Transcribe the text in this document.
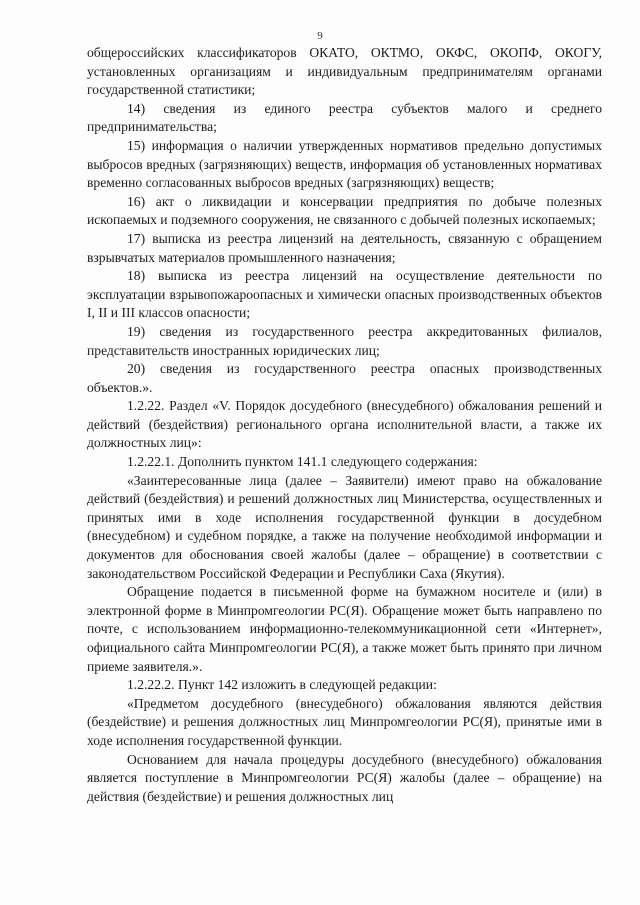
9

общероссийских классификаторов ОКАТО, ОКТМО, ОКФС, ОКОПФ, ОКОГУ, установленных организациям и индивидуальным предпринимателям органами государственной статистики;

14) сведения из единого реестра субъектов малого и среднего предпринимательства;

15) информация о наличии утвержденных нормативов предельно допустимых выбросов вредных (загрязняющих) веществ, информация об установленных нормативах временно согласованных выбросов вредных (загрязняющих) веществ;

16) акт о ликвидации и консервации предприятия по добыче полезных ископаемых и подземного сооружения, не связанного с добычей полезных ископаемых;

17) выписка из реестра лицензий на деятельность, связанную с обращением взрывчатых материалов промышленного назначения;

18) выписка из реестра лицензий на осуществление деятельности по эксплуатации взрывопожароопасных и химически опасных производственных объектов I, II и III классов опасности;

19) сведения из государственного реестра аккредитованных филиалов, представительств иностранных юридических лиц;

20) сведения из государственного реестра опасных производственных объектов.».

1.2.22. Раздел «V. Порядок досудебного (внесудебного) обжалования решений и действий (бездействия) регионального органа исполнительной власти, а также их должностных лиц»:

1.2.22.1. Дополнить пунктом 141.1 следующего содержания:

«Заинтересованные лица (далее – Заявители) имеют право на обжалование действий (бездействия) и решений должностных лиц Министерства, осуществленных и принятых ими в ходе исполнения государственной функции в досудебном (внесудебном) и судебном порядке, а также на получение необходимой информации и документов для обоснования своей жалобы (далее – обращение) в соответствии с законодательством Российской Федерации и Республики Саха (Якутия).

Обращение подается в письменной форме на бумажном носителе и (или) в электронной форме в Минпромгеологии РС(Я). Обращение может быть направлено по почте, с использованием информационно-телекоммуникационной сети «Интернет», официального сайта Минпромгеологии РС(Я), а также может быть принято при личном приеме заявителя.».

1.2.22.2. Пункт 142 изложить в следующей редакции:

«Предметом досудебного (внесудебного) обжалования являются действия (бездействие) и решения должностных лиц Минпромгеологии РС(Я), принятые ими в ходе исполнения государственной функции.

Основанием для начала процедуры досудебного (внесудебного) обжалования является поступление в Минпромгеологии РС(Я) жалобы (далее – обращение) на действия (бездействие) и решения должностных лиц
